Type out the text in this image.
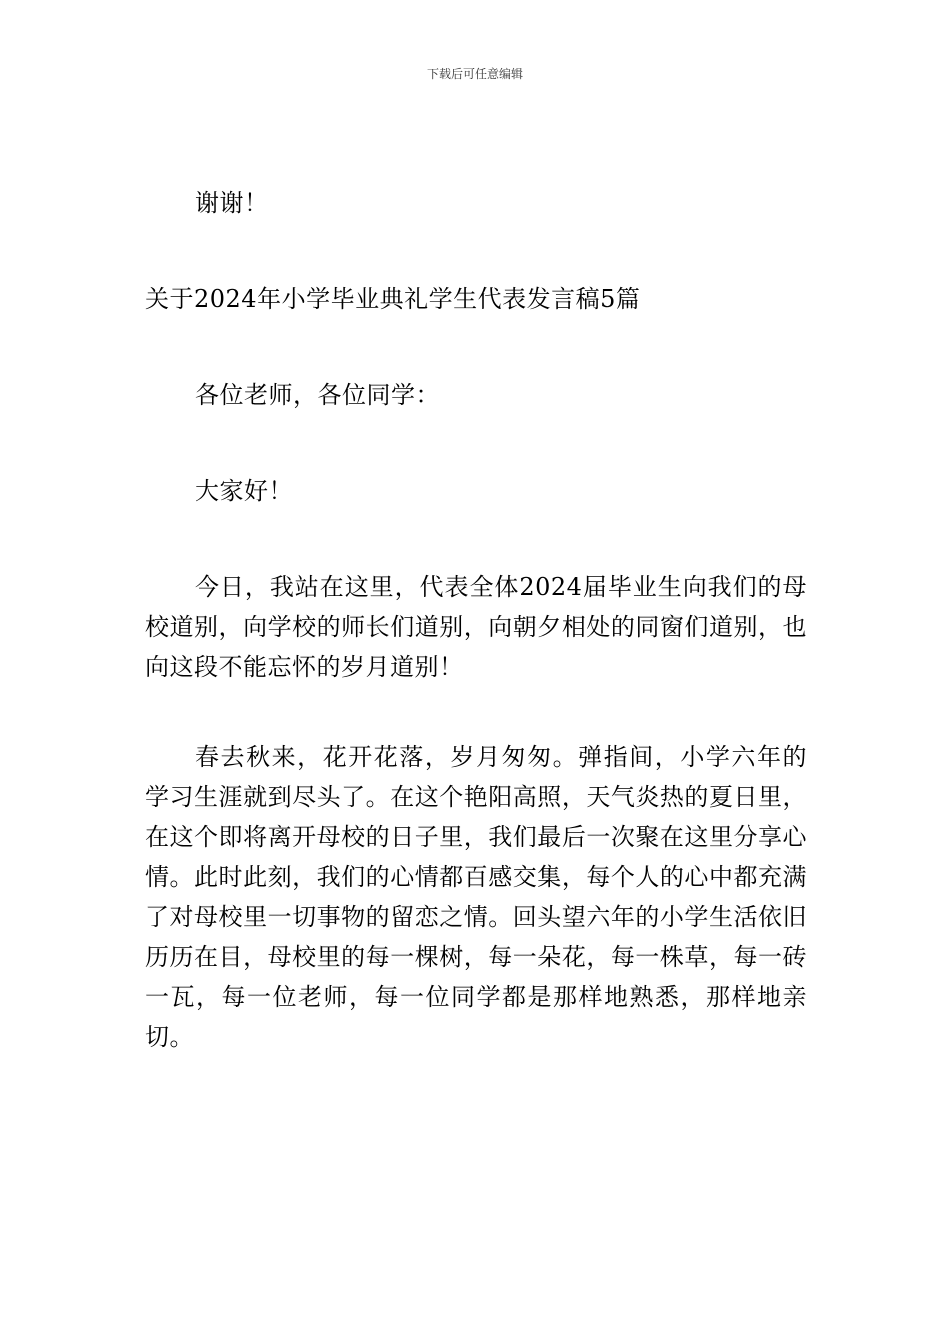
下载后可任意编辑

谢谢！

关于2024年小学毕业典礼学生代表发言稿5篇

各位老师，各位同学：

大家好！

今日，我站在这里，代表全体2024届毕业生向我们的母校道别，向学校的师长们道别，向朝夕相处的同窗们道别，也向这段不能忘怀的岁月道别！

春去秋来，花开花落，岁月匆匆。弹指间，小学六年的学习生涯就到尽头了。在这个艳阳高照，天气炎热的夏日里，在这个即将离开母校的日子里，我们最后一次聚在这里分享心情。此时此刻，我们的心情都百感交集，每个人的心中都充满了对母校里一切事物的留恋之情。回头望六年的小学生活依旧历历在目，母校里的每一棵树，每一朵花，每一株草，每一砖一瓦，每一位老师，每一位同学都是那样地熟悉，那样地亲切。
